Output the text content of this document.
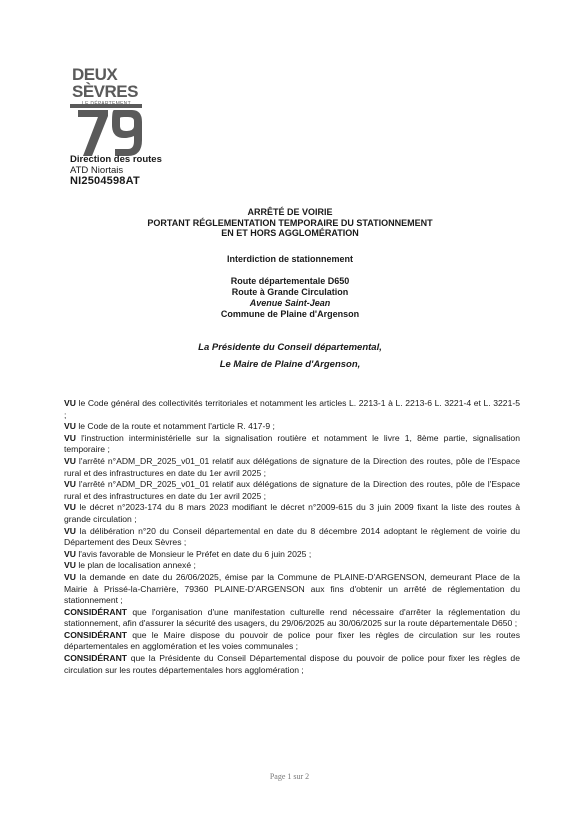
DEUX
SÈVRES
LE DÉPARTEMENT
Direction des routes
ATD Niortais
NI2504598AT
ARRÊTÉ DE VOIRIE
PORTANT RÉGLEMENTATION TEMPORAIRE DU STATIONNEMENT
EN ET HORS AGGLOMÉRATION
Interdiction de stationnement
Route départementale D650
Route à Grande Circulation
Avenue Saint-Jean
Commune de Plaine d'Argenson
La Présidente du Conseil départemental,
Le Maire de Plaine d'Argenson,

VU le Code général des collectivités territoriales et notamment les articles L. 2213-1 à L. 2213-6 L. 3221-4 et L. 3221-5 ;

VU le Code de la route et notamment l'article R. 417-9 ;

VU l'instruction interministérielle sur la signalisation routière et notamment le livre 1, 8ème partie, signalisation temporaire ;

VU l'arrêté n°ADM_DR_2025_v01_01 relatif aux délégations de signature de la Direction des routes, pôle de l'Espace rural et des infrastructures en date du 1er avril 2025 ;

VU l'arrêté n°ADM_DR_2025_v01_01 relatif aux délégations de signature de la Direction des routes, pôle de l'Espace rural et des infrastructures en date du 1er avril 2025 ;

VU le décret n°2023-174 du 8 mars 2023 modifiant le décret n°2009-615 du 3 juin 2009 fixant la liste des routes à grande circulation ;

VU la délibération n°20 du Conseil départemental en date du 8 décembre 2014 adoptant le règlement de voirie du Département des Deux Sèvres ;

VU l'avis favorable de Monsieur le Préfet en date du 6 juin 2025 ;

VU le plan de localisation annexé ;

VU la demande en date du 26/06/2025, émise par la Commune de PLAINE-D'ARGENSON, demeurant Place de la Mairie à Prissé-la-Charrière, 79360 PLAINE-D'ARGENSON aux fins d'obtenir un arrêté de réglementation du stationnement ;

CONSIDÉRANT que l'organisation d'une manifestation culturelle rend nécessaire d'arrêter la réglementation du stationnement, afin d'assurer la sécurité des usagers, du 29/06/2025 au 30/06/2025 sur la route départementale D650 ;

CONSIDÉRANT que le Maire dispose du pouvoir de police pour fixer les règles de circulation sur les routes départementales en agglomération et les voies communales ;

CONSIDÉRANT que la Présidente du Conseil Départemental dispose du pouvoir de police pour fixer les règles de circulation sur les routes départementales hors agglomération ;

Page 1 sur 2
